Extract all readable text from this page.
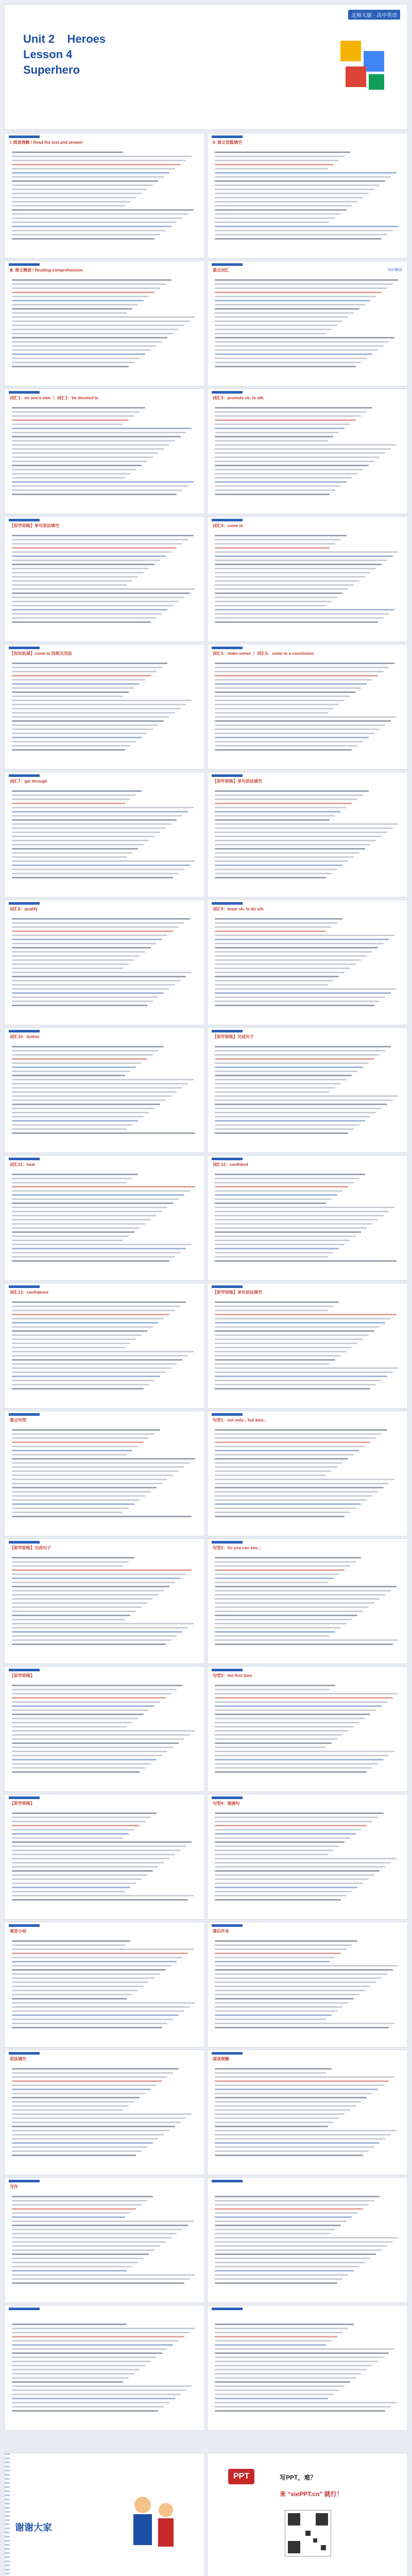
北师大版 · 高中英语
Unit 2    Heroes
Lesson 4
Superhero
I. 阅读理解 / Read the text and answer	II. 课文语篇填空
Ⅲ. 课文精读 / Reading comprehension	重点词汇	知识精讲
词汇1：on one's own ｜ 词汇2：be devoted to	词汇3：promote sb. to sth.
【即学即练】单句语法填空	词汇4：come to
【知识拓展】come to 的相关用法	词汇5：make sense ｜ 词汇6：come to a conclusion
词汇7：get through	【即学即练】单句语法填空
词汇8：qualify	词汇9：leave sb. to do sth.
词汇10：bother	【即学即练】完成句子
词汇11：heal	词汇12：confident
词汇13：confidence	【即学即练】单句语法填空
重点句型	句型1：not only... but also...
【即学即练】完成句子	句型2：So you can see...
【即学即练】	句型3：the first time
【即学即练】	句型4：强调句
课堂小结	课后作业
语法填空	阅读理解
写作
谢谢大家
PPT	写PPT，难？
来 “xiePPT.cn” 就行！
